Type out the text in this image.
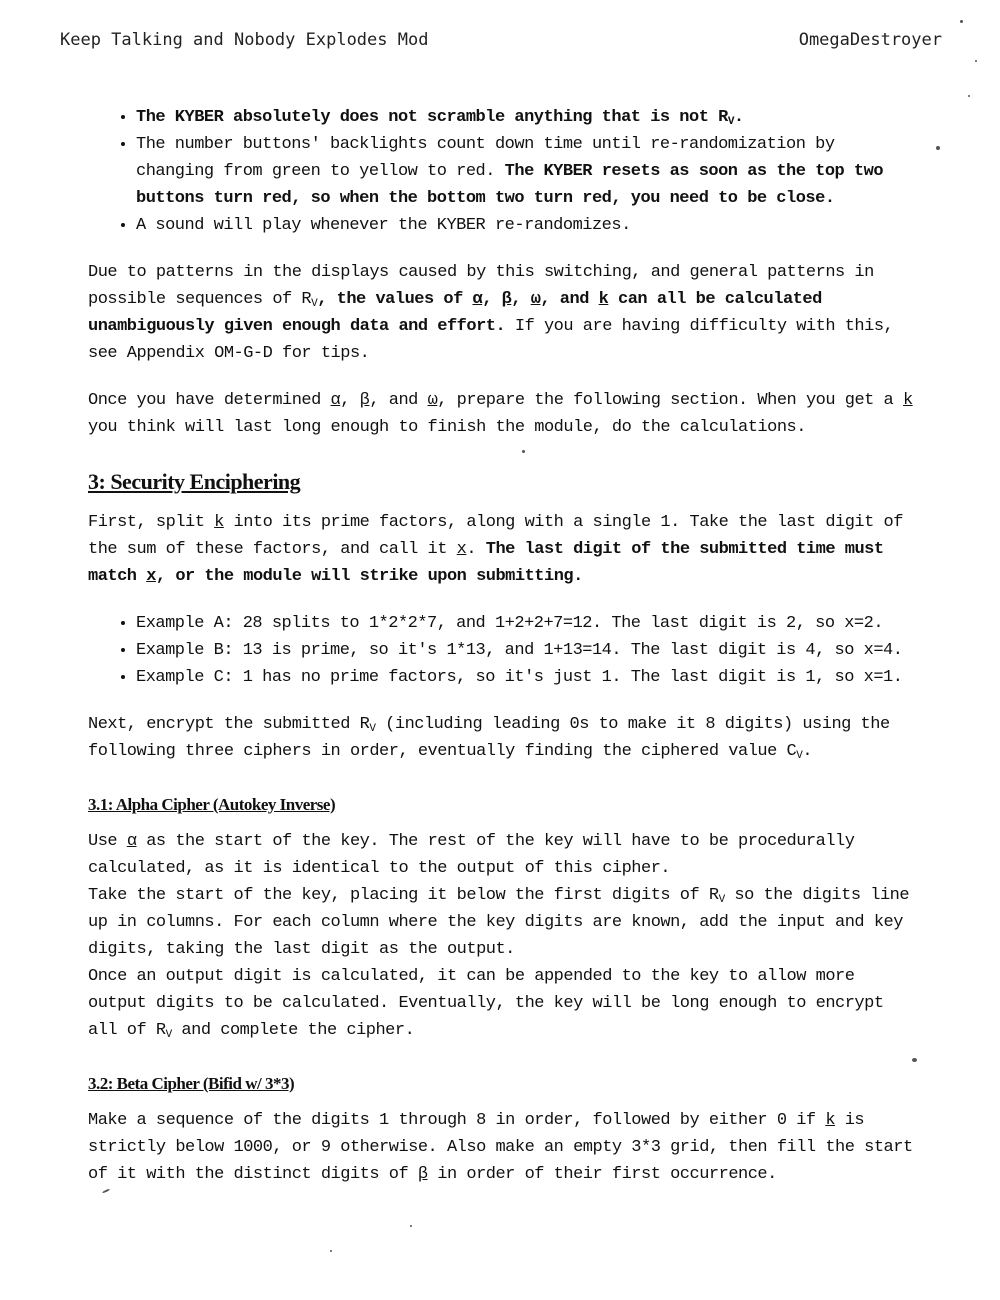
Keep Talking and Nobody Explodes Mod	OmegaDestroyer
• The KYBER absolutely does not scramble anything that is not $R_V$.
• The number buttons' backlights count down time until re-randomization by changing from green to yellow to red. The KYBER resets as soon as the top two buttons turn red, so when the bottom two turn red, you need to be close.
• A sound will play whenever the KYBER re-randomizes.

Due to patterns in the displays caused by this switching, and general patterns in possible sequences of $R_V$, the values of α, β, ω, and k can all be calculated unambiguously given enough data and effort. If you are having difficulty with this, see Appendix OM-G-D for tips.

Once you have determined α, β, and ω, prepare the following section. When you get a k you think will last long enough to finish the module, do the calculations.

3: Security Enciphering

First, split k into its prime factors, along with a single 1. Take the last digit of the sum of these factors, and call it x. The last digit of the submitted time must match x, or the module will strike upon submitting.

• Example A: 28 splits to 1*2*2*7, and 1+2+2+7=12. The last digit is 2, so x=2.
• Example B: 13 is prime, so it's 1*13, and 1+13=14. The last digit is 4, so x=4.
• Example C: 1 has no prime factors, so it's just 1. The last digit is 1, so x=1.

Next, encrypt the submitted $R_V$ (including leading 0s to make it 8 digits) using the following three ciphers in order, eventually finding the ciphered value $C_V$.

3.1: Alpha Cipher (Autokey Inverse)

Use α as the start of the key. The rest of the key will have to be procedurally calculated, as it is identical to the output of this cipher.
Take the start of the key, placing it below the first digits of $R_V$ so the digits line up in columns. For each column where the key digits are known, add the input and key digits, taking the last digit as the output.
Once an output digit is calculated, it can be appended to the key to allow more output digits to be calculated. Eventually, the key will be long enough to encrypt all of $R_V$ and complete the cipher.

3.2: Beta Cipher (Bifid w/ 3*3)

Make a sequence of the digits 1 through 8 in order, followed by either 0 if k is strictly below 1000, or 9 otherwise. Also make an empty 3*3 grid, then fill the start of it with the distinct digits of β in order of their first occurrence.
